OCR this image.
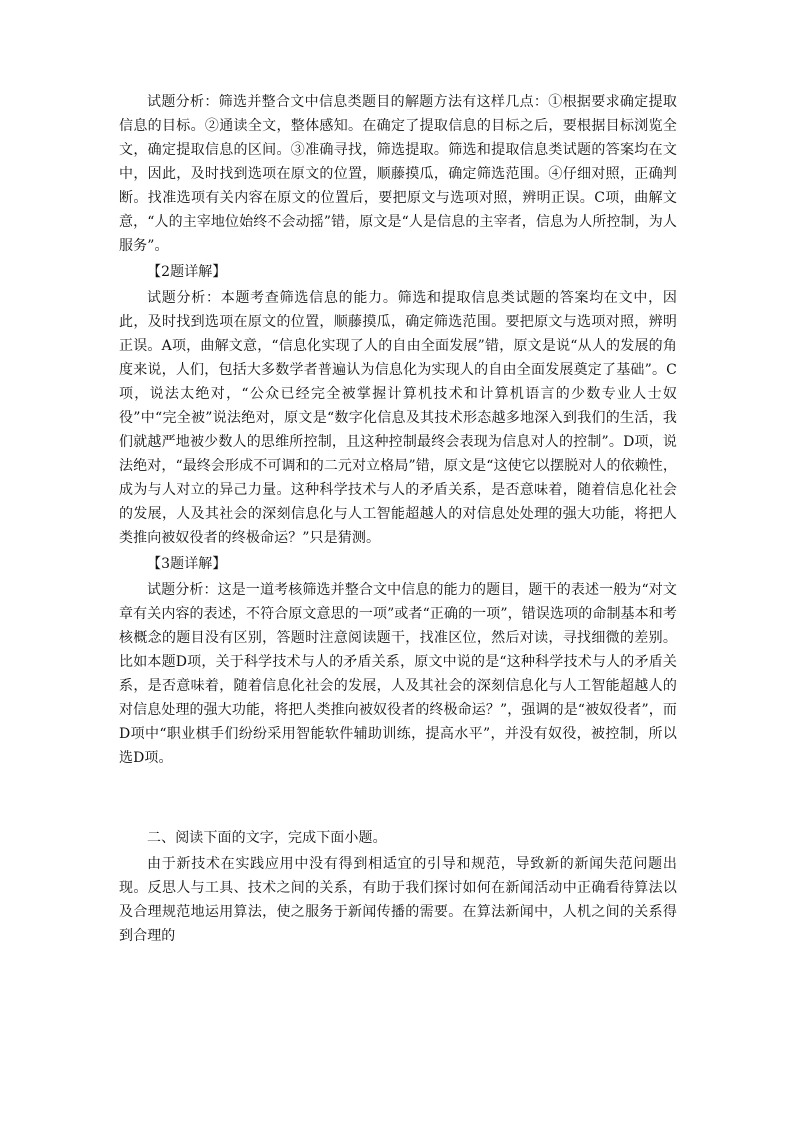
试题分析：筛选并整合文中信息类题目的解题方法有这样几点：①根据要求确定提取信息的目标。②通读全文，整体感知。在确定了提取信息的目标之后，要根据目标浏览全文，确定提取信息的区间。③准确寻找，筛选提取。筛选和提取信息类试题的答案均在文中，因此，及时找到选项在原文的位置，顺藤摸瓜，确定筛选范围。④仔细对照，正确判断。找准选项有关内容在原文的位置后，要把原文与选项对照，辨明正误。C项，曲解文意，“人的主宰地位始终不会动摇”错，原文是“人是信息的主宰者，信息为人所控制，为人服务”。

【2题详解】

试题分析：本题考查筛选信息的能力。筛选和提取信息类试题的答案均在文中，因此，及时找到选项在原文的位置，顺藤摸瓜，确定筛选范围。要把原文与选项对照，辨明正误。A项，曲解文意，“信息化实现了人的自由全面发展”错，原文是说“从人的发展的角度来说，人们，包括大多数学者普遍认为信息化为实现人的自由全面发展奠定了基础”。C项，说法太绝对，“公众已经完全被掌握计算机技术和计算机语言的少数专业人士奴役”中“完全被”说法绝对，原文是“数字化信息及其技术形态越多地深入到我们的生活，我们就越严地被少数人的思维所控制，且这种控制最终会表现为信息对人的控制”。D项，说法绝对，“最终会形成不可调和的二元对立格局”错，原文是“这使它以摆脱对人的依赖性，成为与人对立的异己力量。这种科学技术与人的矛盾关系，是否意味着，随着信息化社会的发展，人及其社会的深刻信息化与人工智能超越人的对信息处处理的强大功能，将把人类推向被奴役者的终极命运？”只是猜测。

【3题详解】

试题分析：这是一道考核筛选并整合文中信息的能力的题目，题干的表述一般为“对文章有关内容的表述，不符合原文意思的一项”或者“正确的一项”，错误选项的命制基本和考核概念的题目没有区别，答题时注意阅读题干，找准区位，然后对读，寻找细微的差别。比如本题D项，关于科学技术与人的矛盾关系，原文中说的是“这种科学技术与人的矛盾关系，是否意味着，随着信息化社会的发展，人及其社会的深刻信息化与人工智能超越人的对信息处理的强大功能，将把人类推向被奴役者的终极命运？”，强调的是“被奴役者”，而D项中“职业棋手们纷纷采用智能软件辅助训练，提高水平”，并没有奴役，被控制，所以选D项。

二、阅读下面的文字，完成下面小题。

由于新技术在实践应用中没有得到相适宜的引导和规范，导致新的新闻失范问题出现。反思人与工具、技术之间的关系，有助于我们探讨如何在新闻活动中正确看待算法以及合理规范地运用算法，使之服务于新闻传播的需要。在算法新闻中，人机之间的关系得到合理的
